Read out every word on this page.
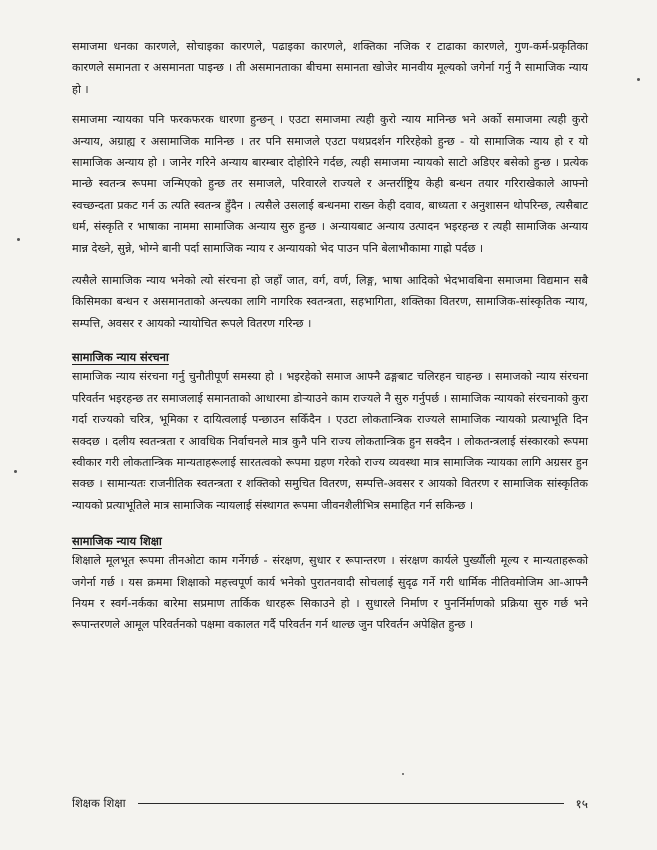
समाजमा धनका कारणले, सोचाइका कारणले, पढाइका कारणले, शक्तिका नजिक र टाढाका कारणले, गुण-कर्म-प्रकृतिका कारणले समानता र असमानता पाइन्छ । ती असमानताका बीचमा समानता खोजेर मानवीय मूल्यको जगेर्ना गर्नु नै सामाजिक न्याय हो ।

समाजमा न्यायका पनि फरकफरक धारणा हुन्छन् । एउटा समाजमा त्यही कुरो न्याय मानिन्छ भने अर्को समाजमा त्यही कुरो अन्याय, अग्राह्य र असामाजिक मानिन्छ । तर पनि समाजले एउटा पथप्रदर्शन गरिरहेको हुन्छ - यो सामाजिक न्याय हो र यो सामाजिक अन्याय हो । जानेर गरिने अन्याय बारम्बार दोहोरिने गर्दछ, त्यही समाजमा न्यायको साटो अडिएर बसेको हुन्छ । प्रत्येक मान्छे स्वतन्त्र रूपमा जन्मिएको हुन्छ तर समाजले, परिवारले राज्यले र अन्तर्राष्ट्रिय केही बन्धन तयार गरिराखेकाले आफ्नो स्वच्छन्दता प्रकट गर्न ऊ त्यति स्वतन्त्र हुँदैन । त्यसैले उसलाई बन्धनमा राख्न केही दवाव, बाध्यता र अनुशासन थोपरिन्छ, त्यसैबाट धर्म, संस्कृति र भाषाका नाममा सामाजिक अन्याय सुरु हुन्छ । अन्यायबाट अन्याय उत्पादन भइरहन्छ र त्यही सामाजिक अन्याय मान्न देख्ने, सुन्ने, भोग्ने बानी पर्दा सामाजिक न्याय र अन्यायको भेद पाउन पनि बेलाभौकामा गाह्रो पर्दछ ।

त्यसैले सामाजिक न्याय भनेको त्यो संरचना हो जहाँ जात, वर्ग, वर्ण, लिङ्ग, भाषा आदिको भेदभावबिना समाजमा विद्यमान सबै किसिमका बन्धन र असमानताको अन्त्यका लागि नागरिक स्वतन्त्रता, सहभागिता, शक्तिका वितरण, सामाजिक-सांस्कृतिक न्याय, सम्पत्ति, अवसर र आयको न्यायोचित रूपले वितरण गरिन्छ ।

सामाजिक न्याय संरचना

सामाजिक न्याय संरचना गर्नु चुनौतीपूर्ण समस्या हो । भइरहेको समाज आफ्नै ढङ्गबाट चलिरहन चाहन्छ । समाजको न्याय संरचना परिवर्तन भइरहन्छ तर समाजलाई समानताको आधारमा डोऱ्याउने काम राज्यले नै सुरु गर्नुपर्छ । सामाजिक न्यायको संरचनाको कुरा गर्दा राज्यको चरित्र, भूमिका र दायित्वलाई पन्छाउन सकिँदैन । एउटा लोकतान्त्रिक राज्यले सामाजिक न्यायको प्रत्याभूति दिन सक्दछ । दलीय स्वतन्त्रता र आवधिक निर्वाचनले मात्र कुनै पनि राज्य लोकतान्त्रिक हुन सक्दैन । लोकतन्त्रलाई संस्कारको रूपमा स्वीकार गरी लोकतान्त्रिक मान्यताहरूलाई सारतत्वको रूपमा ग्रहण गरेको राज्य व्यवस्था मात्र सामाजिक न्यायका लागि अग्रसर हुन सक्छ । सामान्यतः राजनीतिक स्वतन्त्रता र शक्तिको समुचित वितरण, सम्पत्ति-अवसर र आयको वितरण र सामाजिक सांस्कृतिक न्यायको प्रत्याभूतिले मात्र सामाजिक न्यायलाई संस्थागत रूपमा जीवनशैलीभित्र समाहित गर्न सकिन्छ ।

सामाजिक न्याय शिक्षा

शिक्षाले मूलभूत रूपमा तीनओटा काम गर्नेगर्छ - संरक्षण, सुधार र रूपान्तरण । संरक्षण कार्यले पुर्ख्यौली मूल्य र मान्यताहरूको जगेर्ना गर्छ । यस क्रममा शिक्षाको महत्त्वपूर्ण कार्य भनेको पुरातनवादी सोचलाई सुदृढ गर्ने गरी धार्मिक नीतिवमोजिम आ-आफ्नै नियम र स्वर्ग-नर्कका बारेमा सप्रमाण तार्किक धारहरू सिकाउने हो । सुधारले निर्माण र पुनर्निर्माणको प्रक्रिया सुरु गर्छ भने रूपान्तरणले आमूल परिवर्तनको पक्षमा वकालत गर्दै परिवर्तन गर्न थाल्छ जुन परिवर्तन अपेक्षित हुन्छ ।

शिक्षक शिक्षा	१५
